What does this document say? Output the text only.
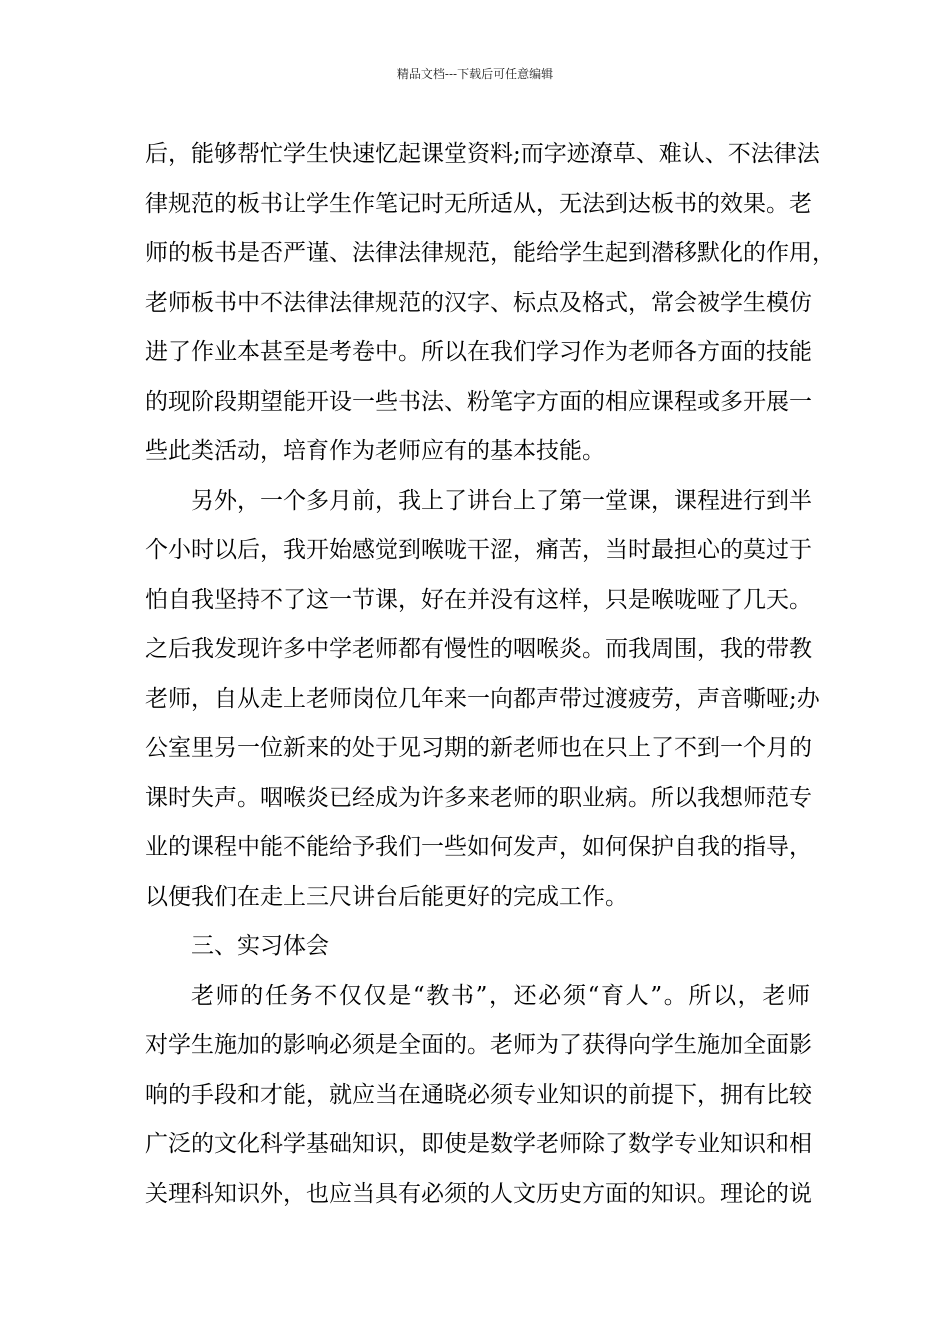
精品文档---下载后可任意编辑
后，能够帮忙学生快速忆起课堂资料;而字迹潦草、难认、不法律法
律规范的板书让学生作笔记时无所适从，无法到达板书的效果。老
师的板书是否严谨、法律法律规范，能给学生起到潜移默化的作用，
老师板书中不法律法律规范的汉字、标点及格式，常会被学生模仿
进了作业本甚至是考卷中。所以在我们学习作为老师各方面的技能
的现阶段期望能开设一些书法、粉笔字方面的相应课程或多开展一
些此类活动，培育作为老师应有的基本技能。
另外，一个多月前，我上了讲台上了第一堂课，课程进行到半
个小时以后，我开始感觉到喉咙干涩，痛苦，当时最担心的莫过于
怕自我坚持不了这一节课，好在并没有这样，只是喉咙哑了几天。
之后我发现许多中学老师都有慢性的咽喉炎。而我周围，我的带教
老师，自从走上老师岗位几年来一向都声带过渡疲劳，声音嘶哑;办
公室里另一位新来的处于见习期的新老师也在只上了不到一个月的
课时失声。咽喉炎已经成为许多来老师的职业病。所以我想师范专
业的课程中能不能给予我们一些如何发声，如何保护自我的指导，
以便我们在走上三尺讲台后能更好的完成工作。
三、实习体会
老师的任务不仅仅是“教书”，还必须“育人”。所以，老师
对学生施加的影响必须是全面的。老师为了获得向学生施加全面影
响的手段和才能，就应当在通晓必须专业知识的前提下，拥有比较
广泛的文化科学基础知识，即使是数学老师除了数学专业知识和相
关理科知识外，也应当具有必须的人文历史方面的知识。理论的说
